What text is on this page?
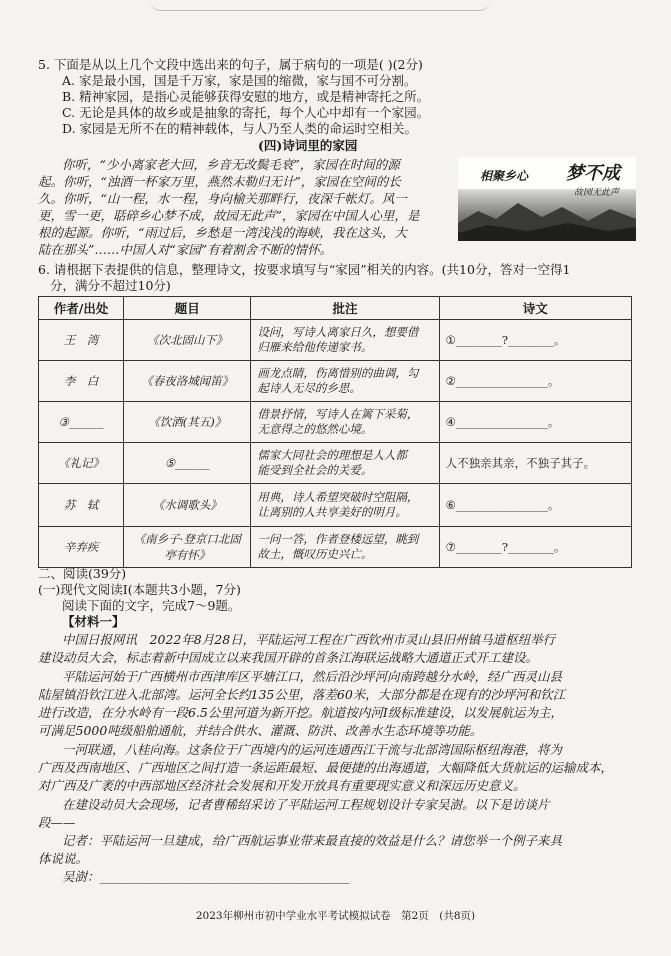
5. 下面是从以上几个文段中选出来的句子，属于病句的一项是( )(2分)
A. 家是最小国，国是千万家，家是国的缩微，家与国不可分割。
B. 精神家园，是指心灵能够获得安慰的地方，或是精神寄托之所。
C. 无论是具体的故乡或是抽象的寄托，每个人心中却有一个家园。
D. 家园是无所不在的精神载体，与人乃至人类的命运时空相关。
(四)诗词里的家园
你听，“少小离家老大回，乡音无改鬓毛衰”，家园在时间的源
起。你听，“浊酒一杯家万里，燕然未勒归无计”，家园在空间的长
久。你听，“山一程，水一程，身向榆关那畔行，夜深千帐灯。风一
更，雪一更，聒碎乡心梦不成，故园无此声”，家园在中国人心里，是
根的起源。你听，“雨过后，乡愁是一湾浅浅的海峡，我在这头，大
陆在那头”……中国人对“家园”有着割舍不断的情怀。
相聚乡心 梦不成
故园无此声
6. 请根据下表提供的信息，整理诗文，按要求填写与“家园”相关的内容。(共10分，答对一空得1
分，满分不超过10分)
作者/出处	题目	批注	诗文
王　湾	《次北固山下》	设问，写诗人离家日久，想要借
归雁来给他传递家书。	①________?________。
李　白	《春夜洛城闻笛》	画龙点睛，伤离惜别的曲调，勾
起诗人无尽的乡思。	②________________。
③______	《饮酒(其五)》	借景抒情，写诗人在篱下采菊，
无意得之的悠然心境。	④________________。
《礼记》	⑤______	儒家大同社会的理想是人人都
能受到全社会的关爱。	人不独亲其亲，不独子其子。
苏　轼	《水调歌头》	用典，诗人希望突破时空阻隔，
让离别的人共享美好的明月。	⑥________________。
辛弃疾	《南乡子·登京口北固亭有怀》	一问一答，作者登楼远望，眺到
故土，慨叹历史兴亡。	⑦________?________。
二、阅读(39分)
(一)现代文阅读I(本题共3小题，7分)
阅读下面的文字，完成7～9题。
【材料一】
中国日报网讯　2022年8月28日，平陆运河工程在广西钦州市灵山县旧州镇马道枢纽举行
建设动员大会，标志着新中国成立以来我国开辟的首条江海联运战略大通道正式开工建设。
平陆运河始于广西横州市西津库区平塘江口，然后沿沙坪河向南跨越分水岭，经广西灵山县
陆屋镇沿钦江进入北部湾。运河全长约135公里，落差60米，大部分都是在现有的沙坪河和钦江
进行改造，在分水岭有一段6.5公里河道为新开挖。航道按内河I级标准建设，以发展航运为主，
可满足5000吨级船舶通航，并结合供水、灌溉、防洪、改善水生态环境等功能。
一河联通，八桂向海。这条位于广西境内的运河连通西江干流与北部湾国际枢纽海港，将为
广西及西南地区、广西地区之间打造一条运距最短、最便捷的出海通道，大幅降低大货航运的运输成本，
对广西及广袤的中西部地区经济社会发展和开发开放具有重要现实意义和深远历史意义。
在建设动员大会现场，记者曹稀绍采访了平陆运河工程规划设计专家吴澍。以下是访谈片
段——
记者：平陆运河一旦建成，给广西航运事业带来最直接的效益是什么？请您举一个例子来具
体说说。
吴澍：________________________________________
2023年柳州市初中学业水平考试模拟试卷　第2页　(共8页)
